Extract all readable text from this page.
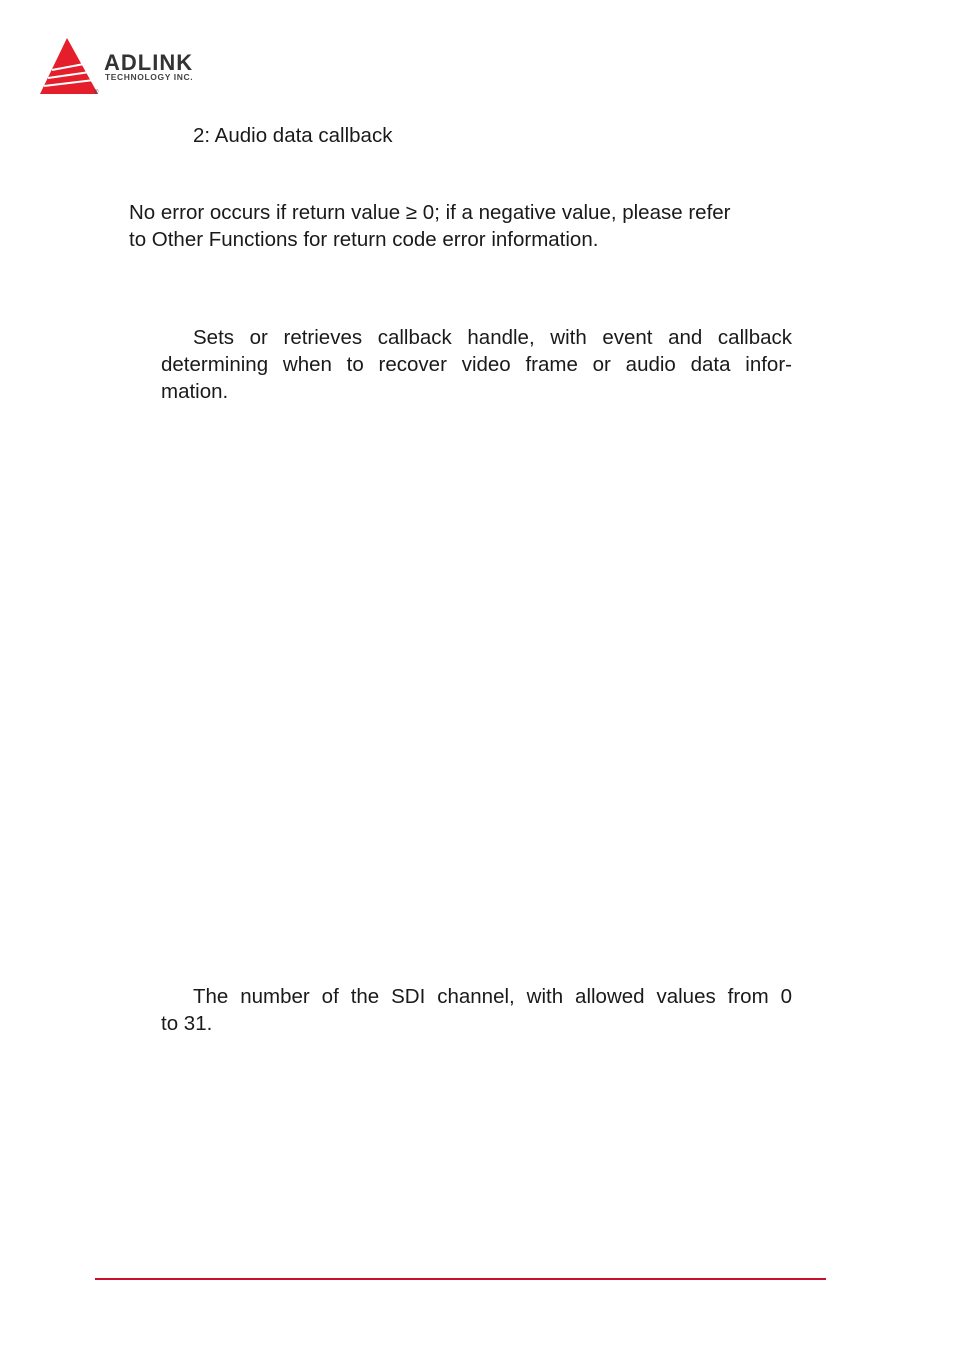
ADLINK
TECHNOLOGY INC.
®

2: Audio data callback

No error occurs if return value ≥ 0; if a negative value, please refer
to Other Functions for return code error information.
Sets or retrieves callback handle, with event and callback
determining when to recover video frame or audio data infor-
mation.
The number of the SDI channel, with allowed values from 0
to 31.
